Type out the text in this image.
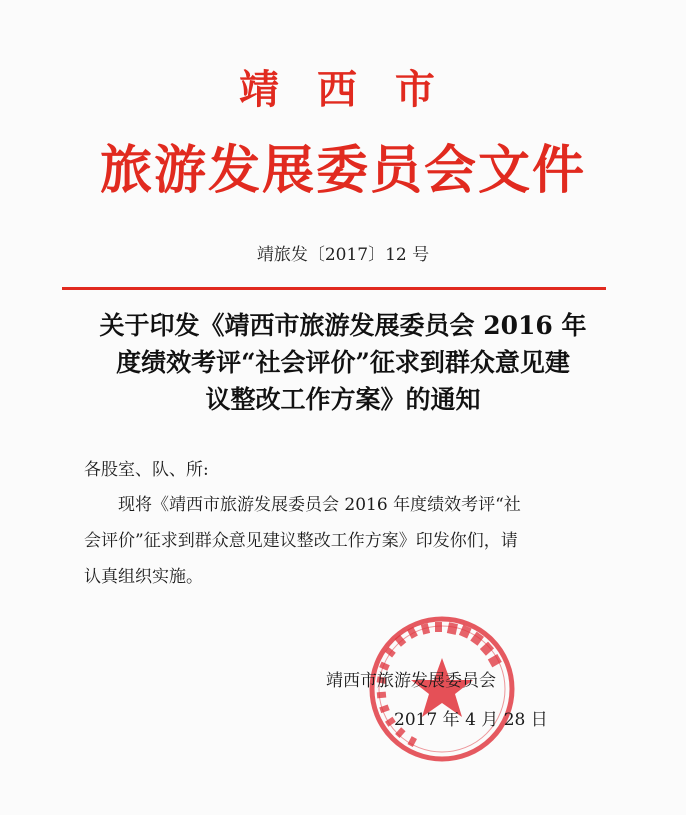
靖 西 市
旅游发展委员会文件
靖旅发〔2017〕12 号
关于印发《靖西市旅游发展委员会 2016 年
度绩效考评“社会评价”征求到群众意见建
议整改工作方案》的通知
各股室、队、所:
现将《靖西市旅游发展委员会 2016 年度绩效考评“社
会评价”征求到群众意见建议整改工作方案》印发你们，请
认真组织实施。
靖西市旅游发展委员会
2017 年 4 月 28 日
